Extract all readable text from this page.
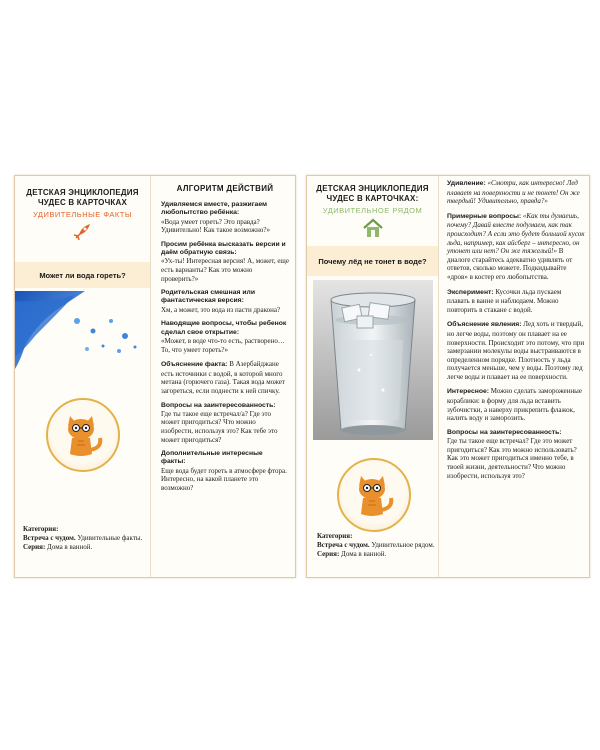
ДЕТСКАЯ ЭНЦИКЛОПЕДИЯ ЧУДЕС В КАРТОЧКАХ
УДИВИТЕЛЬНЫЕ ФАКТЫ
Может ли вода гореть?
Категория:
Встреча с чудом. Удивительные факты.
Серия: Дома в ванной.
АЛГОРИТМ ДЕЙСТВИЙ
Удивляемся вместе, разжигаем любопытство ребёнка:
«Вода умеет гореть? Это правда? Удивительно! Как такое возможно?»
Просим ребёнка высказать версии и даём обратную связь:
«Ух-ты! Интересная версия! А, может, еще есть варианты? Как это можно проверить?»
Родительская смешная или фантастическая версия:
Хм, а может, это вода из пасти дракона?
Наводящие вопросы, чтобы ребенок сделал свое открытие:
«Может, в воде что-то есть, растворено…То, что умеет гореть?»
Объяснение факта: В Азербайджане есть источники с водой, в которой много метана (горючего газа). Такая вода может загореться, если поднести к ней спичку.
Вопросы на заинтересованность:
Где ты такое еще встречал/а? Где это может пригодиться? Что можно изобрести, используя это? Как тебе это может пригодиться?
Дополнительные интересные факты:
Еще вода будет гореть в атмосфере фтора. Интересно, на какой планете это возможно?
ДЕТСКАЯ ЭНЦИКЛОПЕДИЯ ЧУДЕС В КАРТОЧКАХ:
УДИВИТЕЛЬНОЕ РЯДОМ
Почему лёд не тонет в воде?
Категория:
Встреча с чудом. Удивительное рядом.
Серия: Дома в ванной.
Удивление: «Смотри, как интересно! Лед плавает на поверхности и не тонет! Он же твердый! Удивительно, правда?»
Примерные вопросы: «Как ты думаешь, почему? Давай вместе подумаем, как так происходит? А если это будет большой кусок льда, например, как айсберг – интересно, он утонет или нет? Он же тяжелый!» В диалоге старайтесь адекватно удивлять от ответов, сколько можете. Подкидывайте «дров» в костер его любопытства.
Эксперимент: Кусочки льда пускаем плавать в ванне и наблюдаем. Можно повторить в стакане с водой.
Объяснение явления: Лед хоть и твердый, но легче воды, поэтому он плавает на ее поверхности. Происходит это потому, что при замерзании молекулы воды выстраиваются в определенном порядке. Плотность у льда получается меньше, чем у воды. Поэтому лед легче воды и плавает на ее поверхности.
Интересное: Можно сделать замороженные кораблики: в форму для льда вставить зубочистки, а наверху прикрепить флажок, налить воду и заморозить.
Вопросы на заинтересованность:
Где ты такое еще встречал? Где это может пригодиться? Как это можно использовать? Как это может пригодиться именно тебе, в твоей жизни, деятельности? Что можно изобрести, используя это?
